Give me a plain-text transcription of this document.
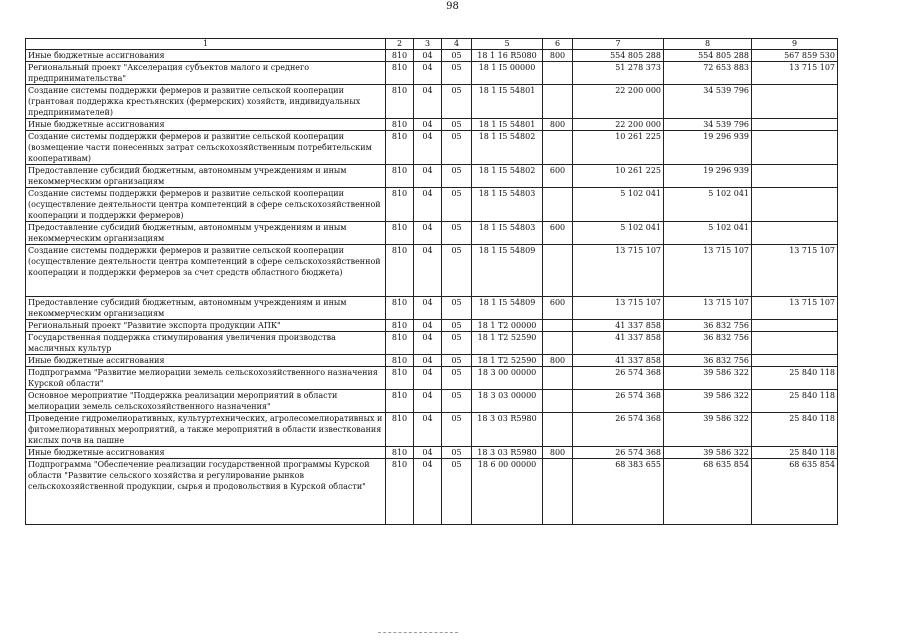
98
1	2	3	4	5	6	7	8	9
Иные бюджетные ассигнования	810	04	05	18 1 16 R5080	800	554 805 288	554 805 288	567 859 530
Региональный проект "Акселерация субъектов малого и среднего предпринимательства"	810	04	05	18 1 I5 00000		51 278 373	72 653 883	13 715 107
Создание системы поддержки фермеров и развитие сельской кооперации (грантовая поддержка крестьянских (фермерских) хозяйств, индивидуальных предпринимателей)	810	04	05	18 1 I5 54801		22 200 000	34 539 796	
Иные бюджетные ассигнования	810	04	05	18 1 I5 54801	800	22 200 000	34 539 796	
Создание системы поддержки фермеров и развитие сельской кооперации (возмещение части понесенных затрат сельскохозяйственным потребительским кооперативам)	810	04	05	18 1 I5 54802		10 261 225	19 296 939	
Предоставление субсидий бюджетным, автономным учреждениям и иным некоммерческим организациям	810	04	05	18 1 I5 54802	600	10 261 225	19 296 939	
Создание системы поддержки фермеров и развитие сельской кооперации (осуществление деятельности центра компетенций в сфере сельскохозяйственной кооперации и поддержки фермеров)	810	04	05	18 1 I5 54803		5 102 041	5 102 041	
Предоставление субсидий бюджетным, автономным учреждениям и иным некоммерческим организациям	810	04	05	18 1 I5 54803	600	5 102 041	5 102 041	
Создание системы поддержки фермеров и развитие сельской кооперации (осуществление деятельности центра компетенций в сфере сельскохозяйственной кооперации и поддержки фермеров за счет средств областного бюджета)	810	04	05	18 1 I5 54809		13 715 107	13 715 107	13 715 107
Предоставление субсидий бюджетным, автономным учреждениям и иным некоммерческим организациям	810	04	05	18 1 I5 54809	600	13 715 107	13 715 107	13 715 107
Региональный проект "Развитие экспорта продукции АПК"	810	04	05	18 1 T2 00000		41 337 858	36 832 756	
Государственная поддержка стимулирования увеличения производства масличных культур	810	04	05	18 1 T2 52590		41 337 858	36 832 756	
Иные бюджетные ассигнования	810	04	05	18 1 T2 52590	800	41 337 858	36 832 756	
Подпрограмма "Развитие мелиорации земель сельскохозяйственного назначения Курской области"	810	04	05	18 3 00 00000		26 574 368	39 586 322	25 840 118
Основное мероприятие "Поддержка реализации мероприятий в области мелиорации земель сельскохозяйственного назначения"	810	04	05	18 3 03 00000		26 574 368	39 586 322	25 840 118
Проведение гидромелиоративных, культуртехнических, агролесомелиоративных и фитомелиоративных мероприятий, а также мероприятий в области известкования кислых почв на пашне	810	04	05	18 3 03 R5980		26 574 368	39 586 322	25 840 118
Иные бюджетные ассигнования	810	04	05	18 3 03 R5980	800	26 574 368	39 586 322	25 840 118
Подпрограмма "Обеспечение реализации государственной программы Курской области "Развитие сельского хозяйства и регулирование рынков сельскохозяйственной продукции, сырья и продовольствия в Курской области"	810	04	05	18 6 00 00000		68 383 655	68 635 854	68 635 854
